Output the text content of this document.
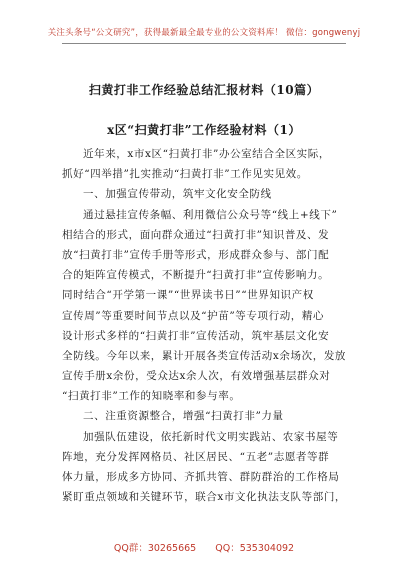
关注头条号“公文研究”，获得最新最全最专业的公文资料库！ 微信：gongwenyj
扫黄打非工作经验总结汇报材料（10篇）
x区“扫黄打非”工作经验材料（1）
近年来，x市x区“扫黄打非”办公室结合全区实际，
抓好“四举措”扎实推动“扫黄打非”工作见实见效。
一、加强宣传带动，筑牢文化安全防线
通过悬挂宣传条幅、利用微信公众号等“线上+线下”
相结合的形式，面向群众通过“扫黄打非”知识普及、发
放“扫黄打非”宣传手册等形式，形成群众参与、部门配
合的矩阵宣传模式，不断提升“扫黄打非”宣传影响力。
同时结合“开学第一课”“世界读书日”“世界知识产权
宣传周”等重要时间节点以及“护苗”等专项行动，精心
设计形式多样的“扫黄打非”宣传活动，筑牢基层文化安
全防线。今年以来，累计开展各类宣传活动x余场次，发放
宣传手册x余份，受众达x余人次，有效增强基层群众对
“扫黄打非”工作的知晓率和参与率。
二、注重资源整合，增强“扫黄打非”力量
加强队伍建设，依托新时代文明实践站、农家书屋等
阵地，充分发挥网格员、社区居民、“五老”志愿者等群
体力量，形成多方协同、齐抓共管、群防群治的工作格局
紧盯重点领域和关键环节，联合x市文化执法支队等部门，
QQ群：30265665 QQ：535304092
